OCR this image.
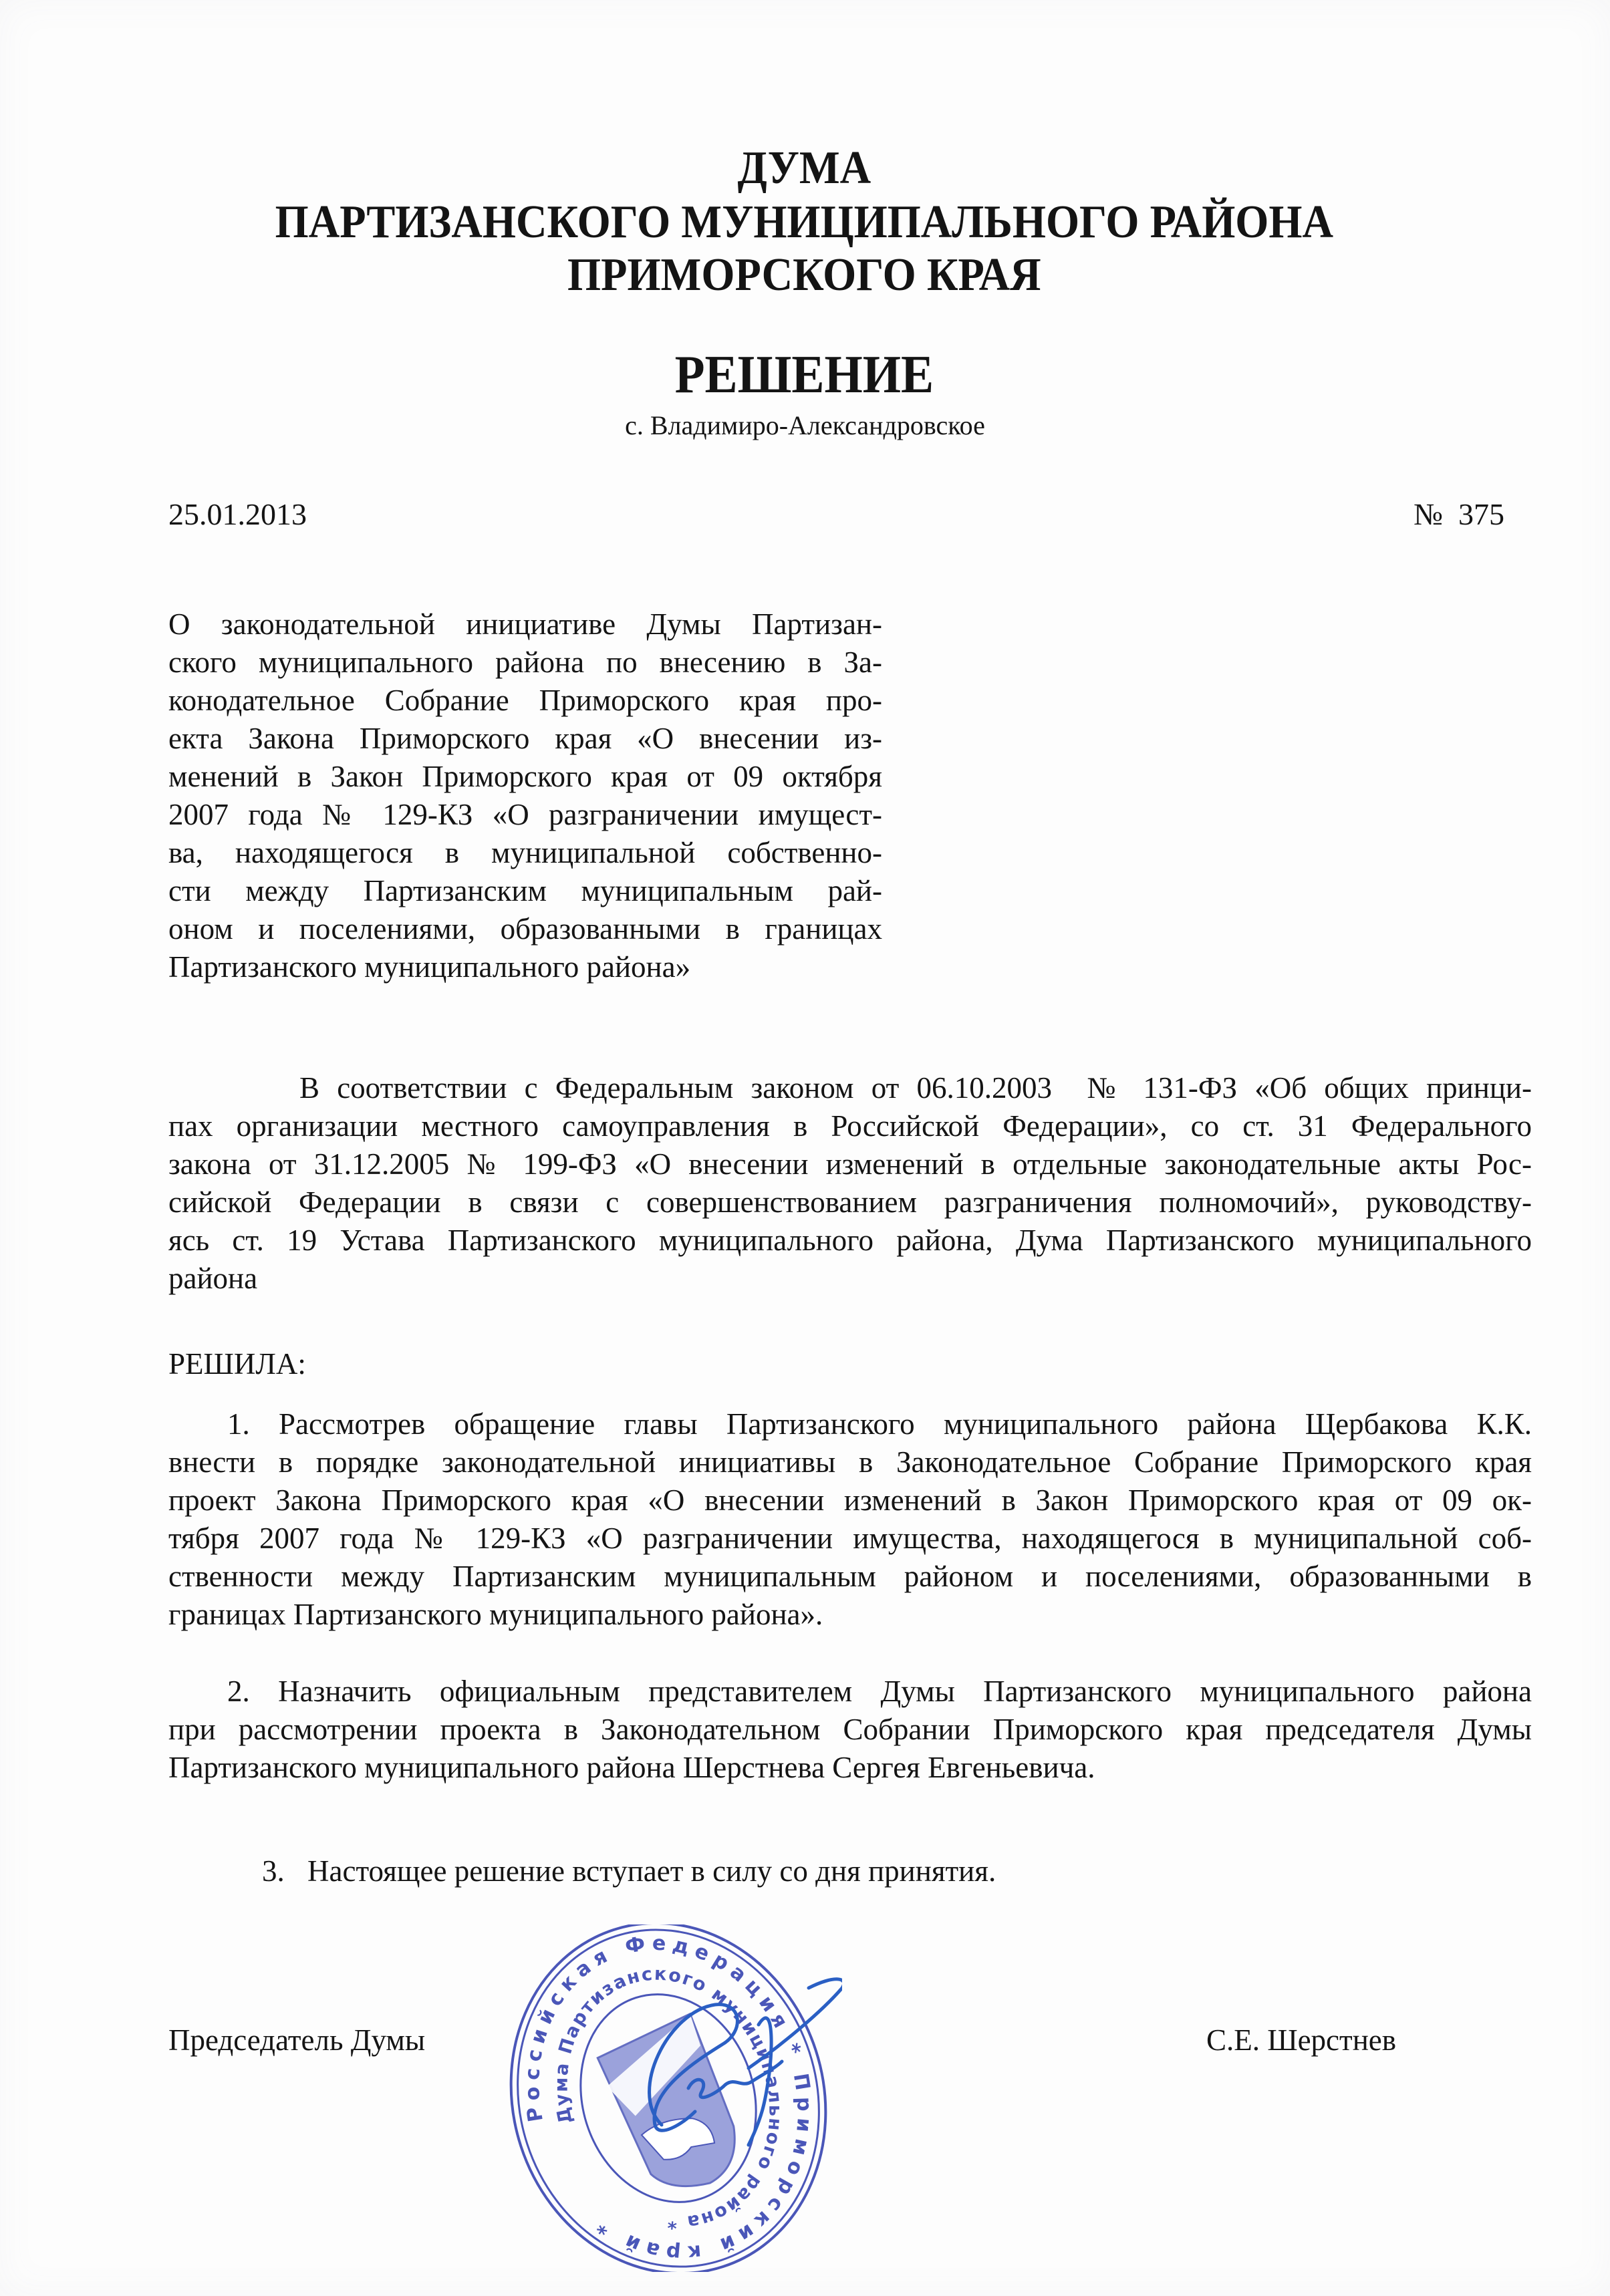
ДУМА
ПАРТИЗАНСКОГО МУНИЦИПАЛЬНОГО РАЙОНА
ПРИМОРСКОГО КРАЯ
РЕШЕНИЕ
с. Владимиро-Александровское
25.01.2013	№  375
О законодательной инициативе Думы Партизан-
ского муниципального района по внесению в За-
конодательное Собрание Приморского края про-
екта Закона Приморского края «О внесении из-
менений в Закон Приморского края от 09 октября
2007 года № 129-КЗ «О разграничении имущест-
ва, находящегося в муниципальной собственно-
сти между Партизанским муниципальным рай-
оном и поселениями, образованными в границах
Партизанского муниципального района»
В соответствии с Федеральным законом от 06.10.2003  № 131-ФЗ «Об общих принци-
пах организации местного самоуправления в Российской Федерации», со ст. 31 Федерального
закона от 31.12.2005 № 199-ФЗ «О внесении изменений в отдельные законодательные акты Рос-
сийской Федерации в связи с совершенствованием разграничения полномочий», руководству-
ясь ст. 19 Устава Партизанского муниципального района, Дума Партизанского муниципального
района
РЕШИЛА:
1. Рассмотрев обращение главы Партизанского муниципального района Щербакова К.К.
внести в порядке законодательной инициативы в Законодательное Собрание Приморского края
проект Закона Приморского края «О внесении изменений в Закон Приморского края от 09 ок-
тября 2007 года № 129-КЗ «О разграничении имущества, находящегося в муниципальной соб-
ственности между Партизанским муниципальным районом и поселениями, образованными в
границах Партизанского муниципального района».
2. Назначить официальным представителем Думы Партизанского муниципального района
при рассмотрении проекта в Законодательном Собрании Приморского края председателя Думы
Партизанского муниципального района Шерстнева Сергея Евгеньевича.
3. Настоящее решение вступает в силу со дня принятия.
Председатель Думы	С.Е. Шерстнев
Российская Федерация * Приморский край *
Дума Партизанского муниципального района *
